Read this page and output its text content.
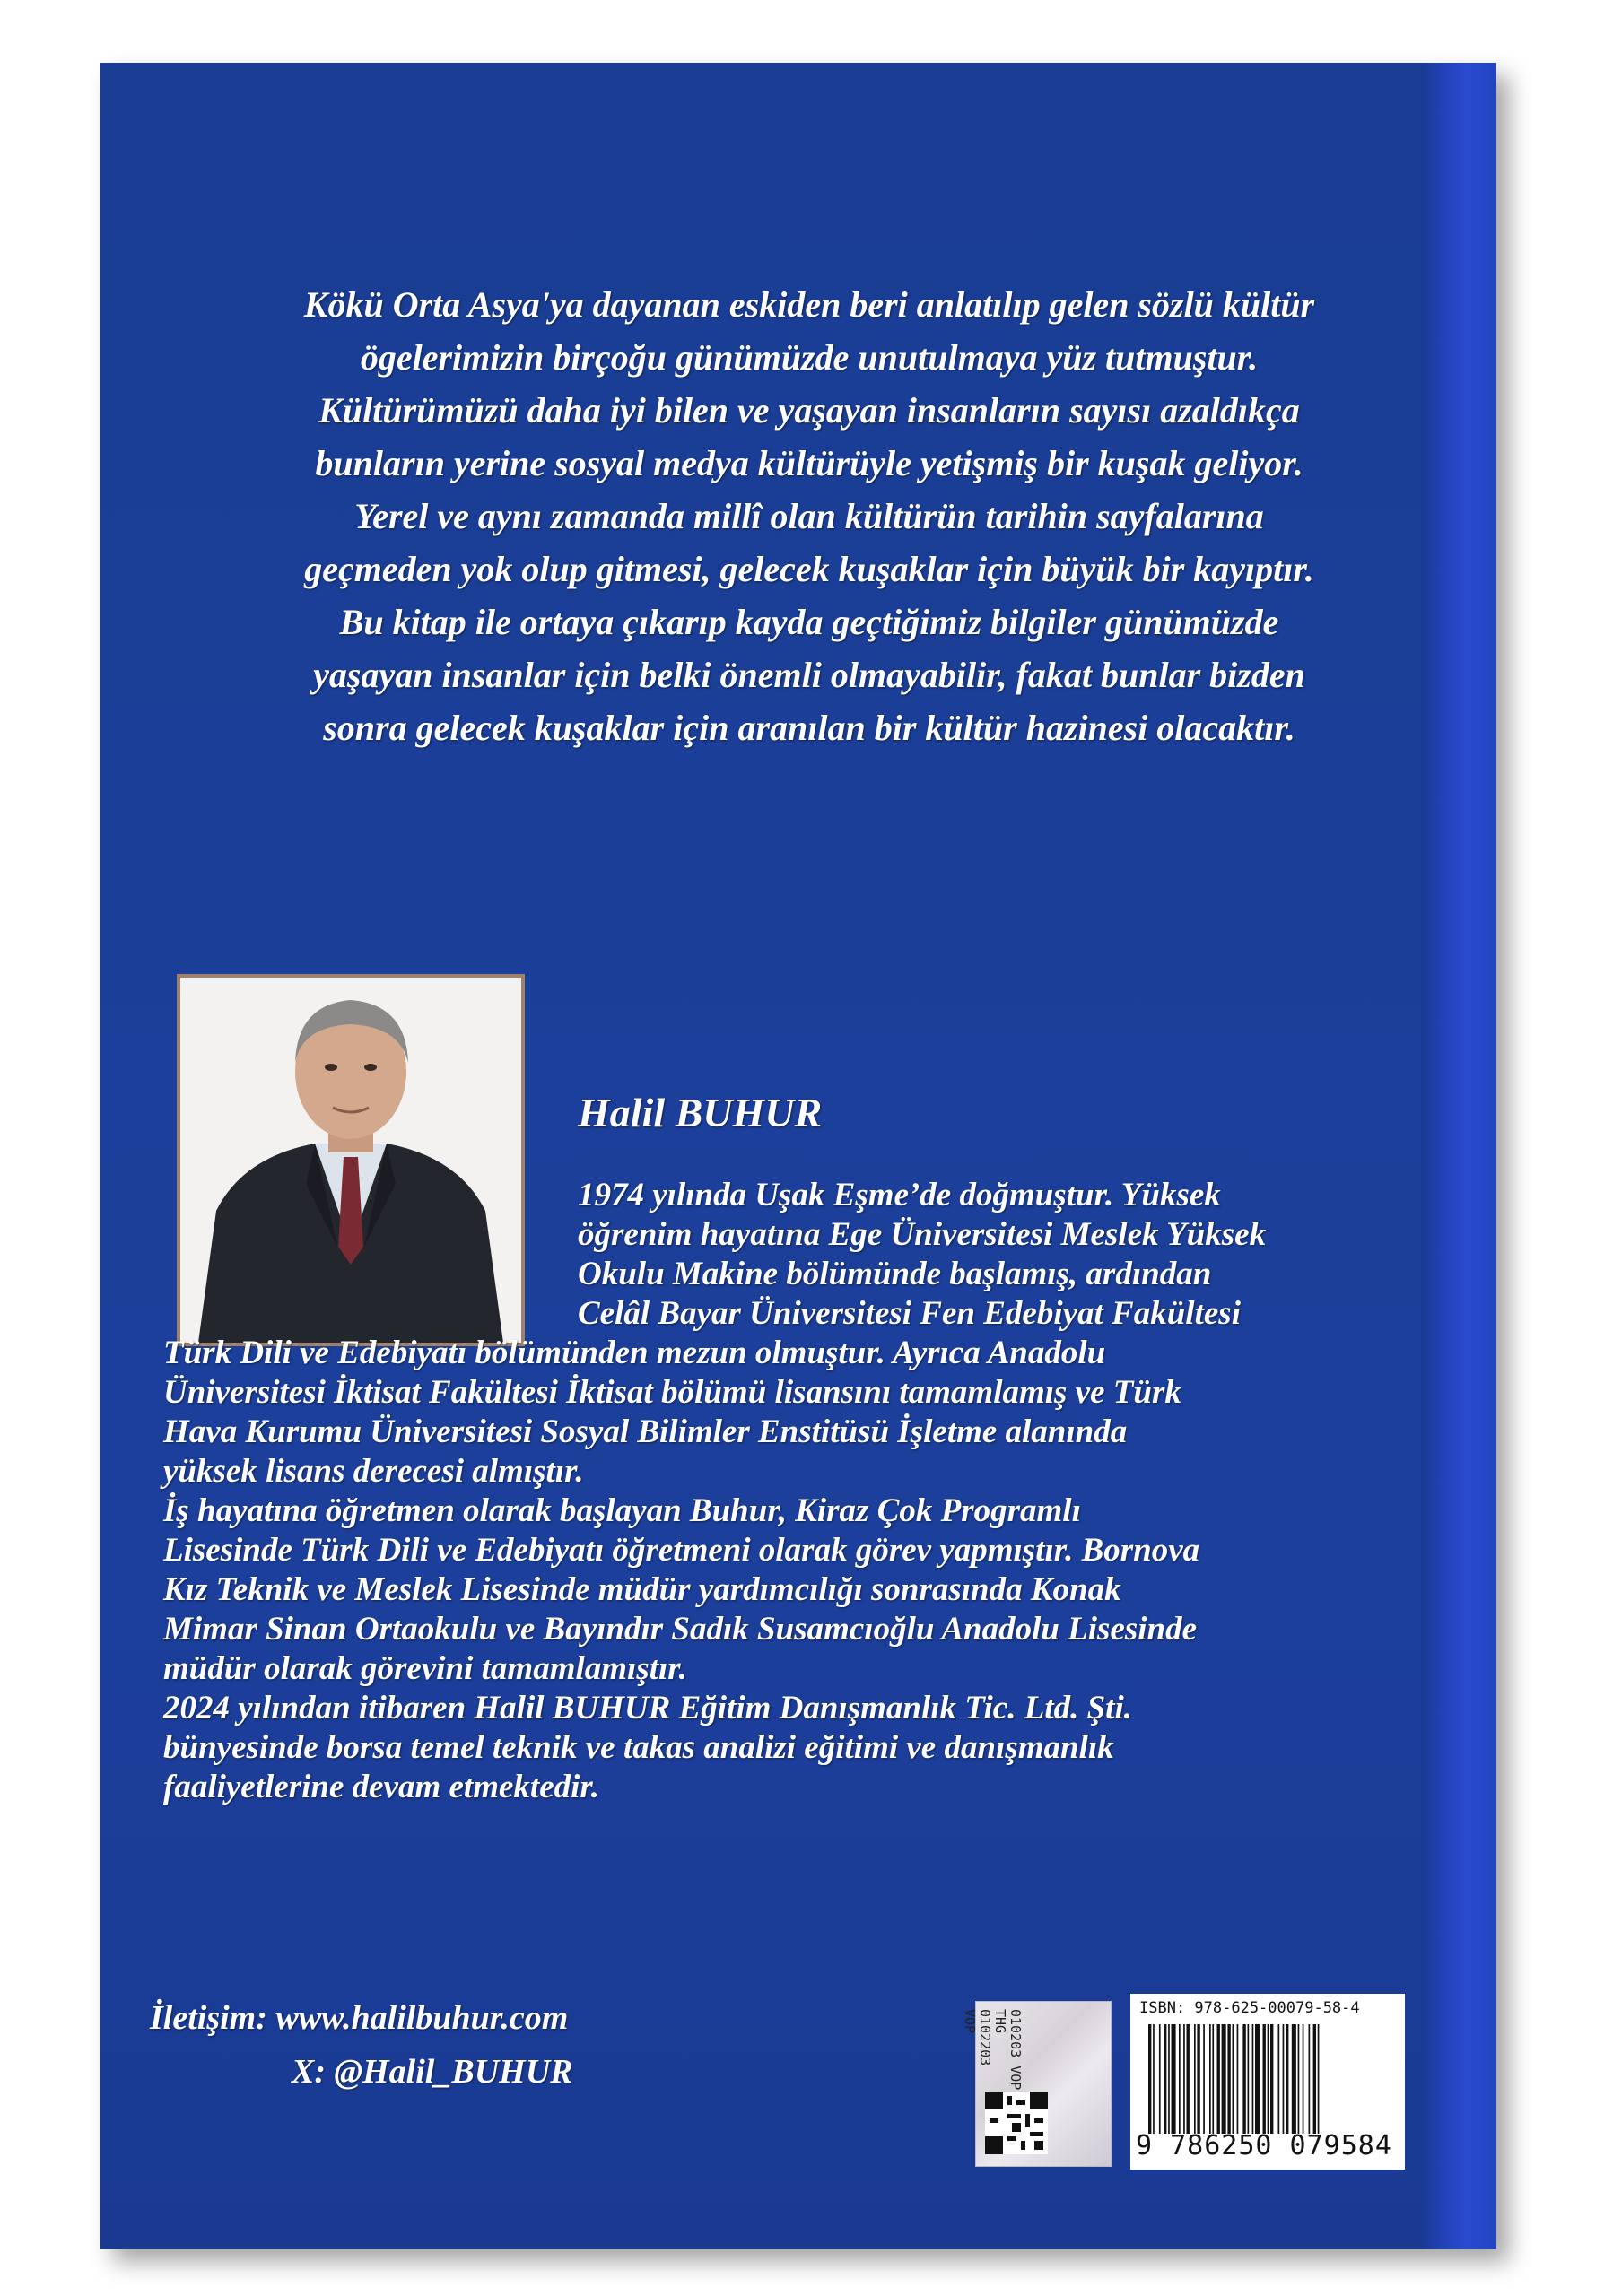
Kökü Orta Asya'ya dayanan eskiden beri anlatılıp gelen sözlü kültür
ögelerimizin birçoğu günümüzde unutulmaya yüz tutmuştur.
Kültürümüzü daha iyi bilen ve yaşayan insanların sayısı azaldıkça
bunların yerine sosyal medya kültürüyle yetişmiş bir kuşak geliyor.
Yerel ve aynı zamanda millî olan kültürün tarihin sayfalarına
geçmeden yok olup gitmesi, gelecek kuşaklar için büyük bir kayıptır.
Bu kitap ile ortaya çıkarıp kayda geçtiğimiz bilgiler günümüzde
yaşayan insanlar için belki önemli olmayabilir, fakat bunlar bizden
sonra gelecek kuşaklar için aranılan bir kültür hazinesi olacaktır.

Halil BUHUR

1974 yılında Uşak Eşme’de doğmuştur. Yüksek

öğrenim hayatına Ege Üniversitesi Meslek Yüksek

Okulu Makine bölümünde başlamış, ardından

Celâl Bayar Üniversitesi Fen Edebiyat Fakültesi

Türk Dili ve Edebiyatı bölümünden mezun olmuştur. Ayrıca Anadolu

Üniversitesi İktisat Fakültesi İktisat bölümü lisansını tamamlamış ve Türk

Hava Kurumu Üniversitesi Sosyal Bilimler Enstitüsü İşletme alanında

yüksek lisans derecesi almıştır.

İş hayatına öğretmen olarak başlayan Buhur, Kiraz Çok Programlı

Lisesinde Türk Dili ve Edebiyatı öğretmeni olarak görev yapmıştır. Bornova

Kız Teknik ve Meslek Lisesinde müdür yardımcılığı sonrasında Konak

Mimar Sinan Ortaokulu ve Bayındır Sadık Susamcıoğlu Anadolu Lisesinde

müdür olarak görevini tamamlamıştır.

2024 yılından itibaren Halil BUHUR Eğitim Danışmanlık Tic. Ltd. Şti.

bünyesinde borsa temel teknik ve takas analizi eğitimi ve danışmanlık

faaliyetlerine devam etmektedir.

İletişim: www.halilbuhur.com

X: @Halil_BUHUR	010203 VOP
THG
0102203
VOP

ISBN: 978-625-00079-58-4

9 786250 079584
